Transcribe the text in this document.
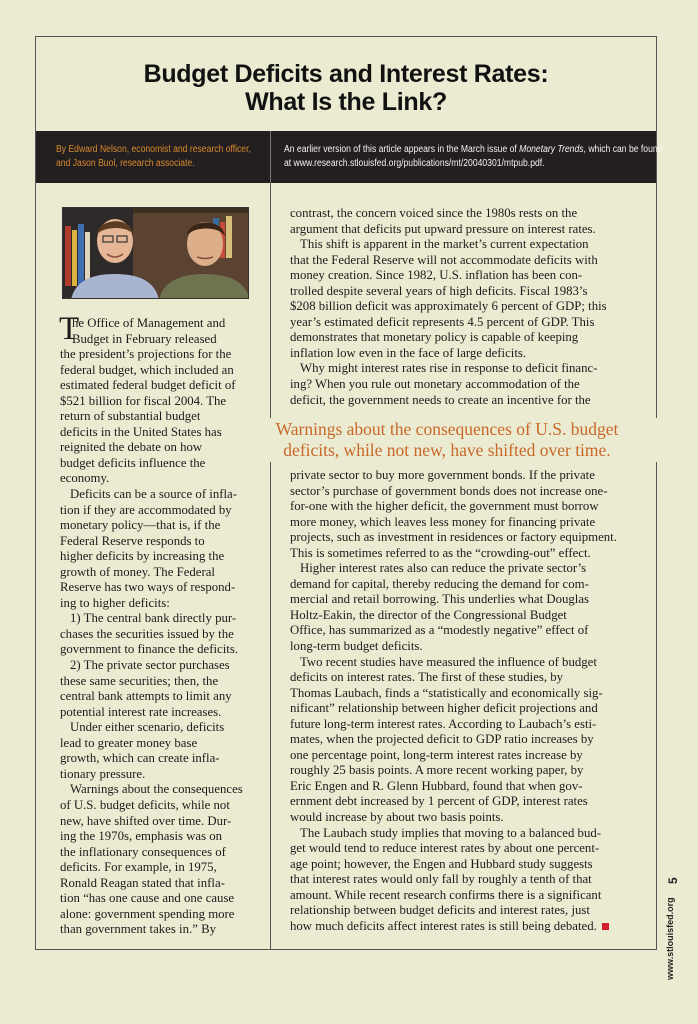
Budget Deficits and Interest Rates:
What Is the Link?
By Edward Nelson, economist and research officer,
and Jason Buol, research associate.
An earlier version of this article appears in the March issue of Monetary Trends, which can be found
at www.research.stlouisfed.org/publications/mt/20040301/mtpub.pdf.
T
he Office of Management and
Budget in February released
the president’s projections for the
federal budget, which included an
estimated federal budget deficit of
$521 billion for fiscal 2004. The
return of substantial budget
deficits in the United States has
reignited the debate on how
budget deficits influence the
economy.
Deficits can be a source of infla-
tion if they are accommodated by
monetary policy—that is, if the
Federal Reserve responds to
higher deficits by increasing the
growth of money. The Federal
Reserve has two ways of respond-
ing to higher deficits:
1) The central bank directly pur-
chases the securities issued by the
government to finance the deficits.
2) The private sector purchases
these same securities; then, the
central bank attempts to limit any
potential interest rate increases.
Under either scenario, deficits
lead to greater money base
growth, which can create infla-
tionary pressure.
Warnings about the consequences
of U.S. budget deficits, while not
new, have shifted over time. Dur-
ing the 1970s, emphasis was on
the inflationary consequences of
deficits. For example, in 1975,
Ronald Reagan stated that infla-
tion “has one cause and one cause
alone: government spending more
than government takes in.” By
contrast, the concern voiced since the 1980s rests on the
argument that deficits put upward pressure on interest rates.
This shift is apparent in the market’s current expectation
that the Federal Reserve will not accommodate deficits with
money creation. Since 1982, U.S. inflation has been con-
trolled despite several years of high deficits. Fiscal 1983’s
$208 billion deficit was approximately 6 percent of GDP; this
year’s estimated deficit represents 4.5 percent of GDP. This
demonstrates that monetary policy is capable of keeping
inflation low even in the face of large deficits.
Why might interest rates rise in response to deficit financ-
ing? When you rule out monetary accommodation of the
deficit, the government needs to create an incentive for the
private sector to buy more government bonds. If the private
sector’s purchase of government bonds does not increase one-
for-one with the higher deficit, the government must borrow
more money, which leaves less money for financing private
projects, such as investment in residences or factory equipment.
This is sometimes referred to as the “crowding-out” effect.
Higher interest rates also can reduce the private sector’s
demand for capital, thereby reducing the demand for com-
mercial and retail borrowing. This underlies what Douglas
Holtz-Eakin, the director of the Congressional Budget
Office, has summarized as a “modestly negative” effect of
long-term budget deficits.
Two recent studies have measured the influence of budget
deficits on interest rates. The first of these studies, by
Thomas Laubach, finds a “statistically and economically sig-
nificant” relationship between higher deficit projections and
future long-term interest rates. According to Laubach’s esti-
mates, when the projected deficit to GDP ratio increases by
one percentage point, long-term interest rates increase by
roughly 25 basis points. A more recent working paper, by
Eric Engen and R. Glenn Hubbard, found that when gov-
ernment debt increased by 1 percent of GDP, interest rates
would increase by about two basis points.
The Laubach study implies that moving to a balanced bud-
get would tend to reduce interest rates by about one percent-
age point; however, the Engen and Hubbard study suggests
that interest rates would only fall by roughly a tenth of that
amount. While recent research confirms there is a significant
relationship between budget deficits and interest rates, just
how much deficits affect interest rates is still being debated.
Warnings about the consequences of U.S. budget
deficits, while not new, have shifted over time.
5
www.stlouisfed.org
